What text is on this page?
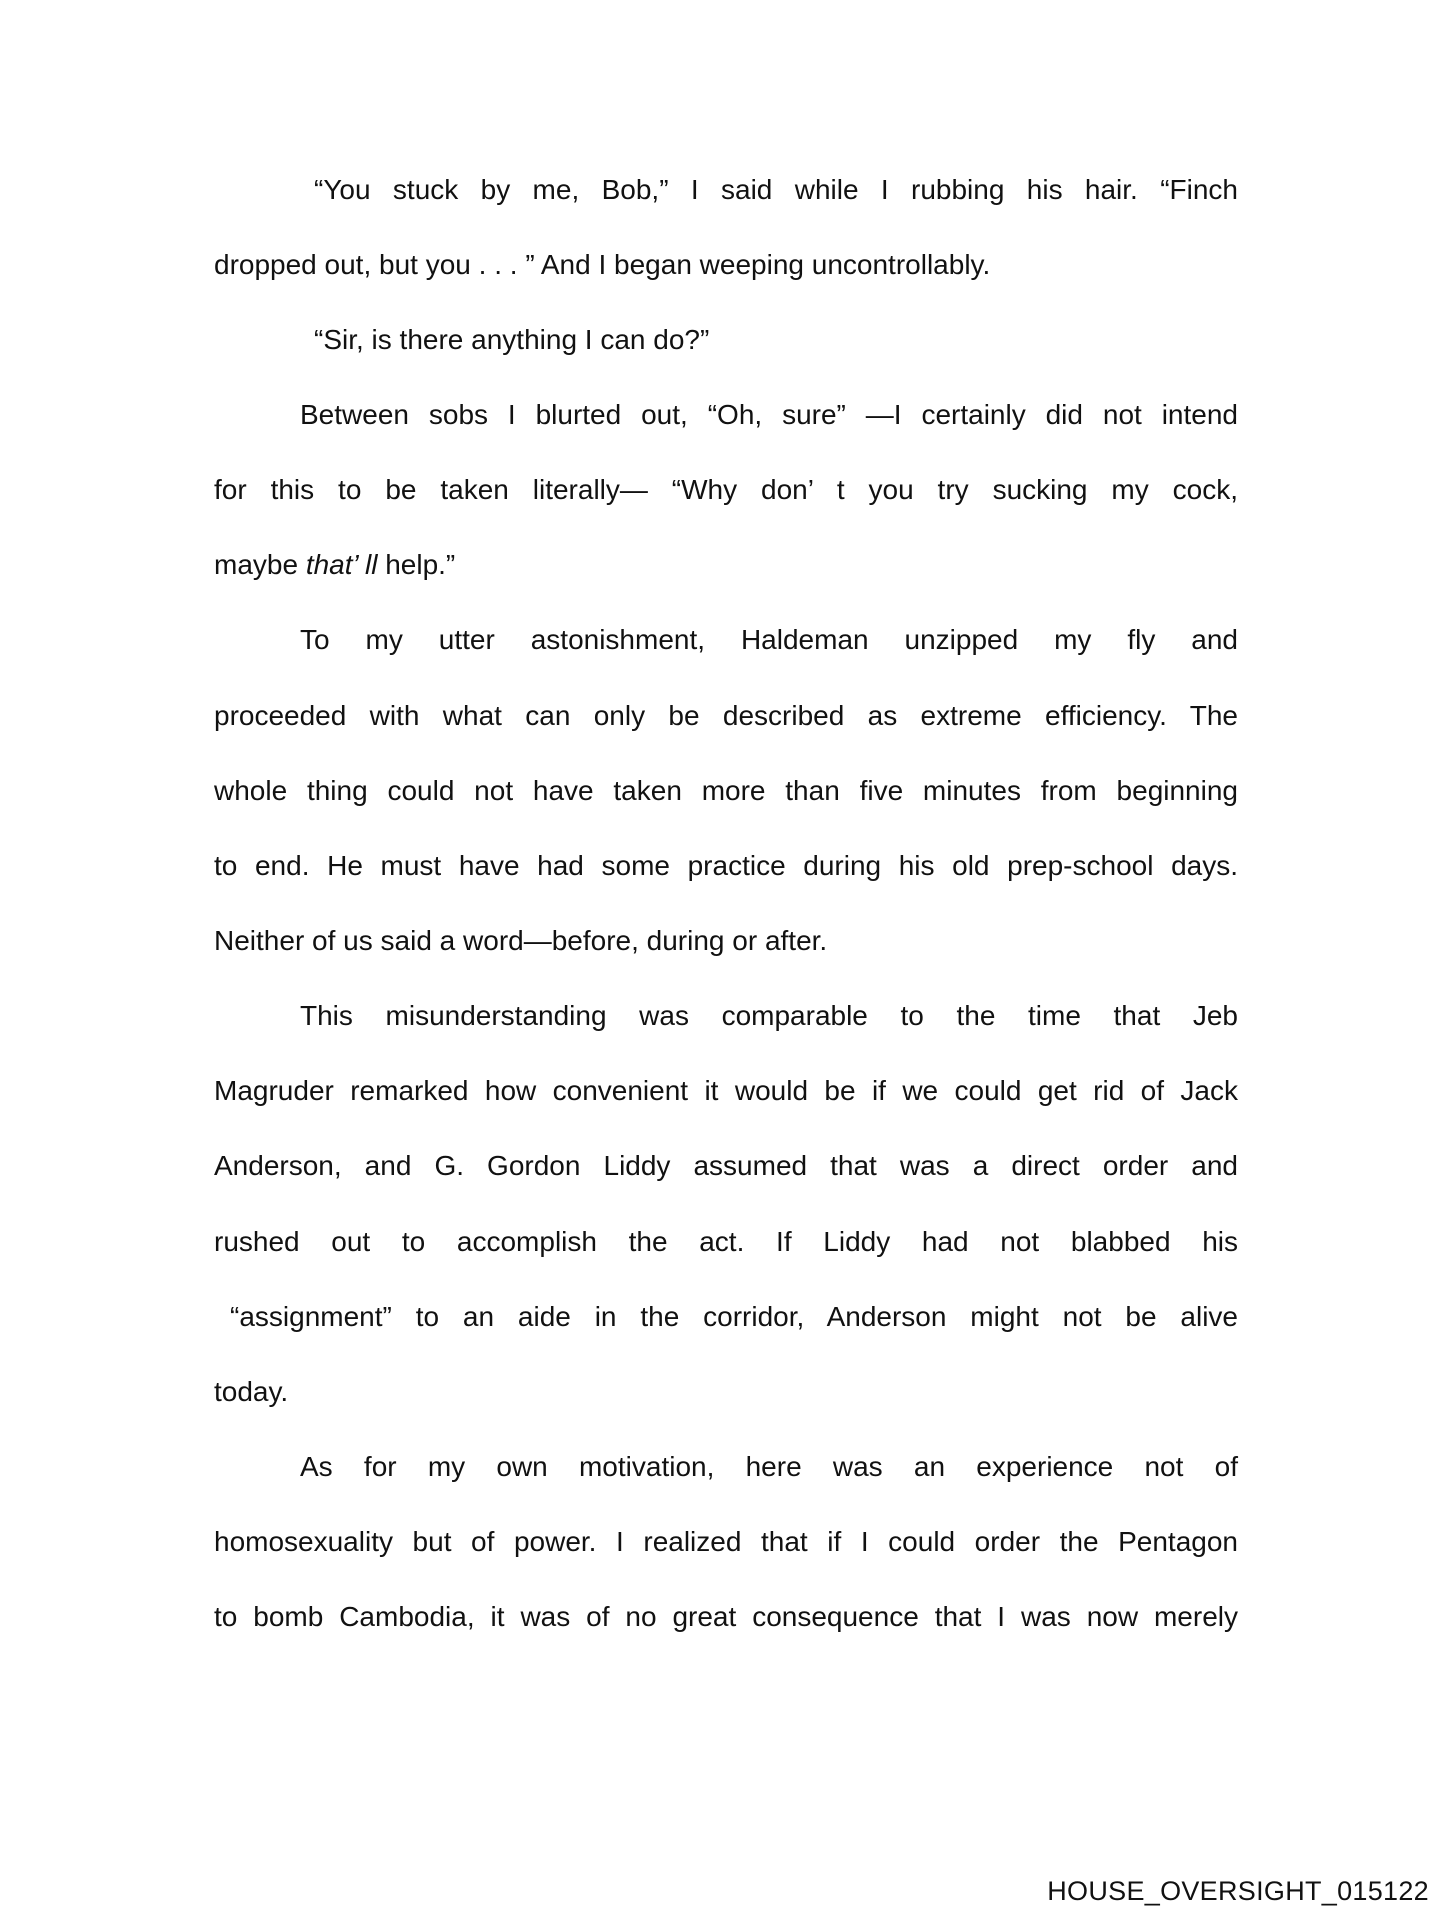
“You stuck by me, Bob,” I said while I rubbing his hair. “Finch
dropped out, but you . . . ” And I began weeping uncontrollably.
“Sir, is there anything I can do?”
Between sobs I blurted out, “Oh, sure” —I certainly did not intend
for this to be taken literally— “Why don’ t you try sucking my cock,
maybe that’ ll help.”
To my utter astonishment, Haldeman unzipped my fly and
proceeded with what can only be described as extreme efficiency. The
whole thing could not have taken more than five minutes from beginning
to end. He must have had some practice during his old prep-school days.
Neither of us said a word—before, during or after.
This misunderstanding was comparable to the time that Jeb
Magruder remarked how convenient it would be if we could get rid of Jack
Anderson, and G. Gordon Liddy assumed that was a direct order and
rushed out to accomplish the act. If Liddy had not blabbed his
“assignment” to an aide in the corridor, Anderson might not be alive
today.
As for my own motivation, here was an experience not of
homosexuality but of power. I realized that if I could order the Pentagon
to bomb Cambodia, it was of no great consequence that I was now merely
HOUSE_OVERSIGHT_015122
